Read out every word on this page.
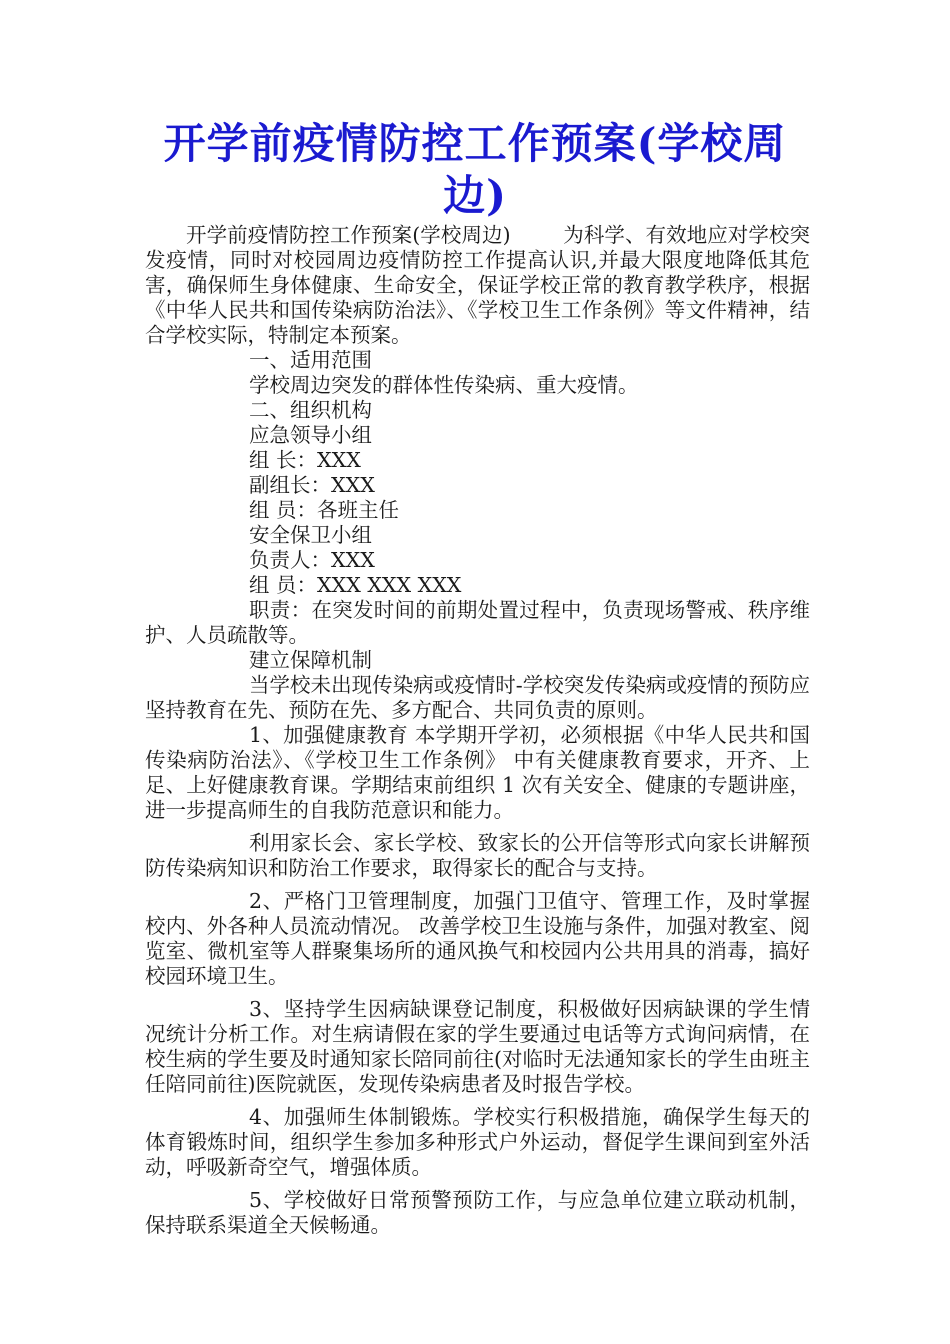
开学前疫情防控工作预案(学校周边)

开学前疫情防控工作预案(学校周边)        为科学、有效地应对学校突发疫情，同时对校园周边疫情防控工作提高认识,并最大限度地降低其危害，确保师生身体健康、生命安全，保证学校正常的教育教学秩序，根据《中华人民共和国传染病防治法》、《学校卫生工作条例》等文件精神，结合学校实际，特制定本预案。

一、适用范围

学校周边突发的群体性传染病、重大疫情。

二、组织机构

应急领导小组

组 长：XXX

副组长：XXX

组 员：各班主任

安全保卫小组

负责人：XXX

组 员：XXX XXX XXX

职责：在突发时间的前期处置过程中，负责现场警戒、秩序维护、人员疏散等。

建立保障机制

当学校未出现传染病或疫情时-学校突发传染病或疫情的预防应坚持教育在先、预防在先、多方配合、共同负责的原则。

1、加强健康教育 本学期开学初，必须根据《中华人民共和国传染病防治法》、《学校卫生工作条例》 中有关健康教育要求，开齐、上足、上好健康教育课。学期结束前组织 1 次有关安全、健康的专题讲座，进一步提高师生的自我防范意识和能力。

利用家长会、家长学校、致家长的公开信等形式向家长讲解预防传染病知识和防治工作要求，取得家长的配合与支持。

2、严格门卫管理制度，加强门卫值守、管理工作，及时掌握校内、外各种人员流动情况。 改善学校卫生设施与条件，加强对教室、阅览室、微机室等人群聚集场所的通风换气和校园内公共用具的消毒，搞好校园环境卫生。

3、坚持学生因病缺课登记制度，积极做好因病缺课的学生情况统计分析工作。对生病请假在家的学生要通过电话等方式询问病情，在校生病的学生要及时通知家长陪同前往(对临时无法通知家长的学生由班主任陪同前往)医院就医，发现传染病患者及时报告学校。

4、加强师生体制锻炼。学校实行积极措施，确保学生每天的体育锻炼时间，组织学生参加多种形式户外运动，督促学生课间到室外活动，呼吸新奇空气，增强体质。

5、学校做好日常预警预防工作，与应急单位建立联动机制，保持联系渠道全天候畅通。
